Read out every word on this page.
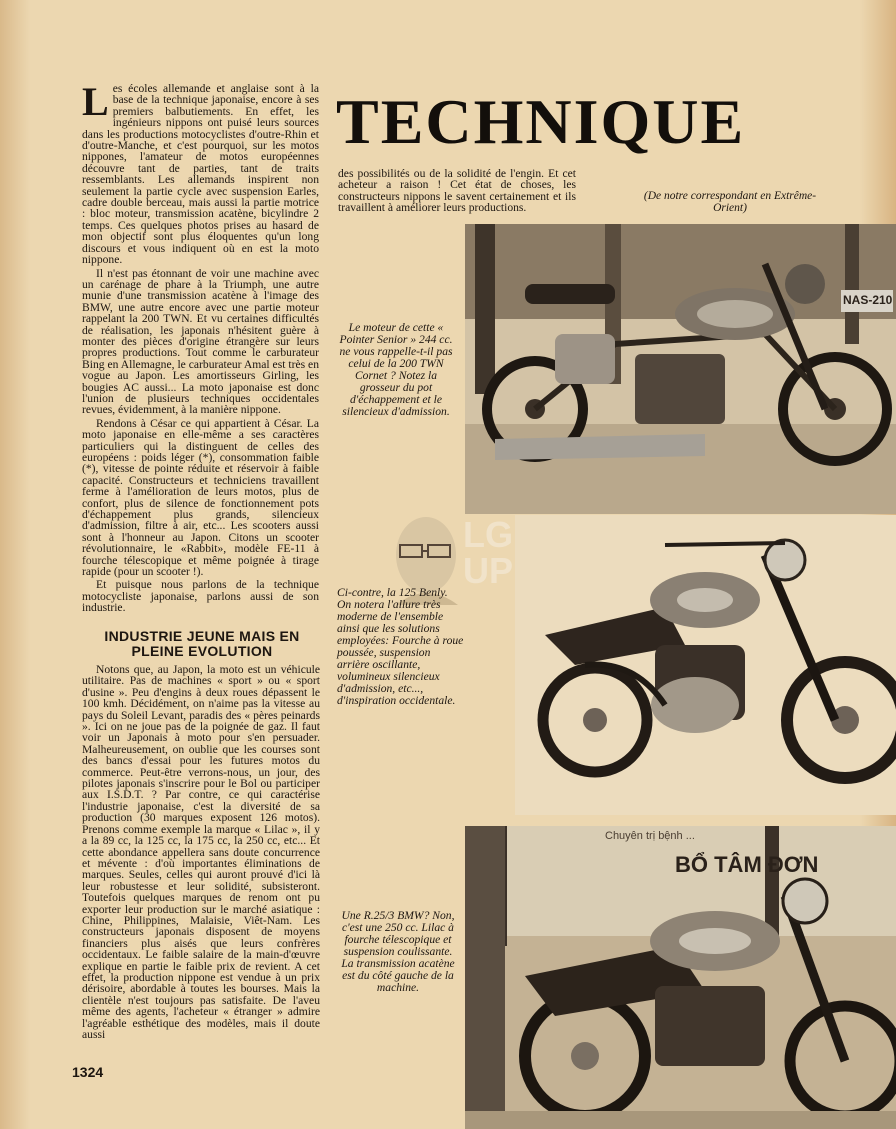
TECHNIQUE
(De notre correspondant en Extrême-Orient)

Les écoles allemande et anglaise sont à la base de la technique japonaise, encore à ses premiers balbutiements. En effet, les ingénieurs nippons ont puisé leurs sources dans les productions motocyclistes d'outre-Rhin et d'outre-Manche, et c'est pourquoi, sur les motos nippones, l'amateur de motos européennes découvre tant de parties, tant de traits ressemblants. Les allemands inspirent non seulement la partie cycle avec suspension Earles, cadre double berceau, mais aussi la partie motrice : bloc moteur, transmission acatène, bicylindre 2 temps. Ces quelques photos prises au hasard de mon objectif sont plus éloquentes qu'un long discours et vous indiquent où en est la moto nippone.

Il n'est pas étonnant de voir une machine avec un carénage de phare à la Triumph, une autre munie d'une transmission acatène à l'image des BMW, une autre encore avec une partie moteur rappelant la 200 TWN. Et vu certaines difficultés de réalisation, les japonais n'hésitent guère à monter des pièces d'origine étrangère sur leurs propres productions. Tout comme le carburateur Bing en Allemagne, le carburateur Amal est très en vogue au Japon. Les amortisseurs Girling, les bougies AC aussi... La moto japonaise est donc l'union de plusieurs techniques occidentales revues, évidemment, à la manière nippone.

Rendons à César ce qui appartient à César. La moto japonaise en elle-même a ses caractères particuliers qui la distinguent de celles des européens : poids léger (*), consommation faible (*), vitesse de pointe réduite et réservoir à faible capacité. Constructeurs et techniciens travaillent ferme à l'amélioration de leurs motos, plus de confort, plus de silence de fonctionnement pots d'échappement plus grands, silencieux d'admission, filtre à air, etc... Les scooters aussi sont à l'honneur au Japon. Citons un scooter révolutionnaire, le «Rabbit», modèle FE-11 à fourche télescopique et même poignée à tirage rapide (pour un scooter !).

Et puisque nous parlons de la technique motocycliste japonaise, parlons aussi de son industrie.

INDUSTRIE JEUNE MAIS EN PLEINE EVOLUTION

Notons que, au Japon, la moto est un véhicule utilitaire. Pas de machines « sport » ou « sport d'usine ». Peu d'engins à deux roues dépassent le 100 kmh. Décidément, on n'aime pas la vitesse au pays du Soleil Levant, paradis des « pères peinards ». Ici on ne joue pas de la poignée de gaz. Il faut voir un Japonais à moto pour s'en persuader. Malheureusement, on oublie que les courses sont des bancs d'essai pour les futures motos du commerce. Peut-être verrons-nous, un jour, des pilotes japonais s'inscrire pour le Bol ou participer aux I.S.D.T. ? Par contre, ce qui caractérise l'industrie japonaise, c'est la diversité de sa production (30 marques exposent 126 motos). Prenons comme exemple la marque « Lilac », il y a la 89 cc, la 125 cc, la 175 cc, la 250 cc, etc... Et cette abondance appellera sans doute concurrence et mévente : d'où importantes éliminations de marques. Seules, celles qui auront prouvé d'ici là leur robustesse et leur solidité, subsisteront. Toutefois quelques marques de renom ont pu exporter leur production sur le marché asiatique : Chine, Philippines, Malaisie, Viêt-Nam. Les constructeurs japonais disposent de moyens financiers plus aisés que leurs confrères occidentaux. Le faible salaire de la main-d'œuvre explique en partie le faible prix de revient. A cet effet, la production nippone est vendue à un prix dérisoire, abordable à toutes les bourses. Mais la clientèle n'est toujours pas satisfaite. De l'aveu même des agents, l'acheteur « étranger » admire l'agréable esthétique des modèles, mais il doute aussi

des possibilités ou de la solidité de l'engin. Et cet acheteur a raison ! Cet état de choses, les constructeurs nippons le savent certainement et ils travaillent à améliorer leurs productions.

NAS-210
Le moteur de cette « Pointer Senior » 244 cc. ne vous rappelle-t-il pas celui de la 200 TWN Cornet ? Notez la grosseur du pot d'échappement et le silencieux d'admission.
LG UP
Ci-contre, la 125 Benly. On notera l'allure très moderne de l'ensemble ainsi que les solutions employées: Fourche à roue poussée, suspension arrière oscillante, volumineux silencieux d'admission, etc..., d'inspiration occidentale.
BỔ TÂM ĐƠN
Chuyên trị bệnh ...
Une R.25/3 BMW? Non, c'est une 250 cc. Lilac à fourche télescopique et suspension coulissante. La transmission acatène est du côté gauche de la machine.
1324
